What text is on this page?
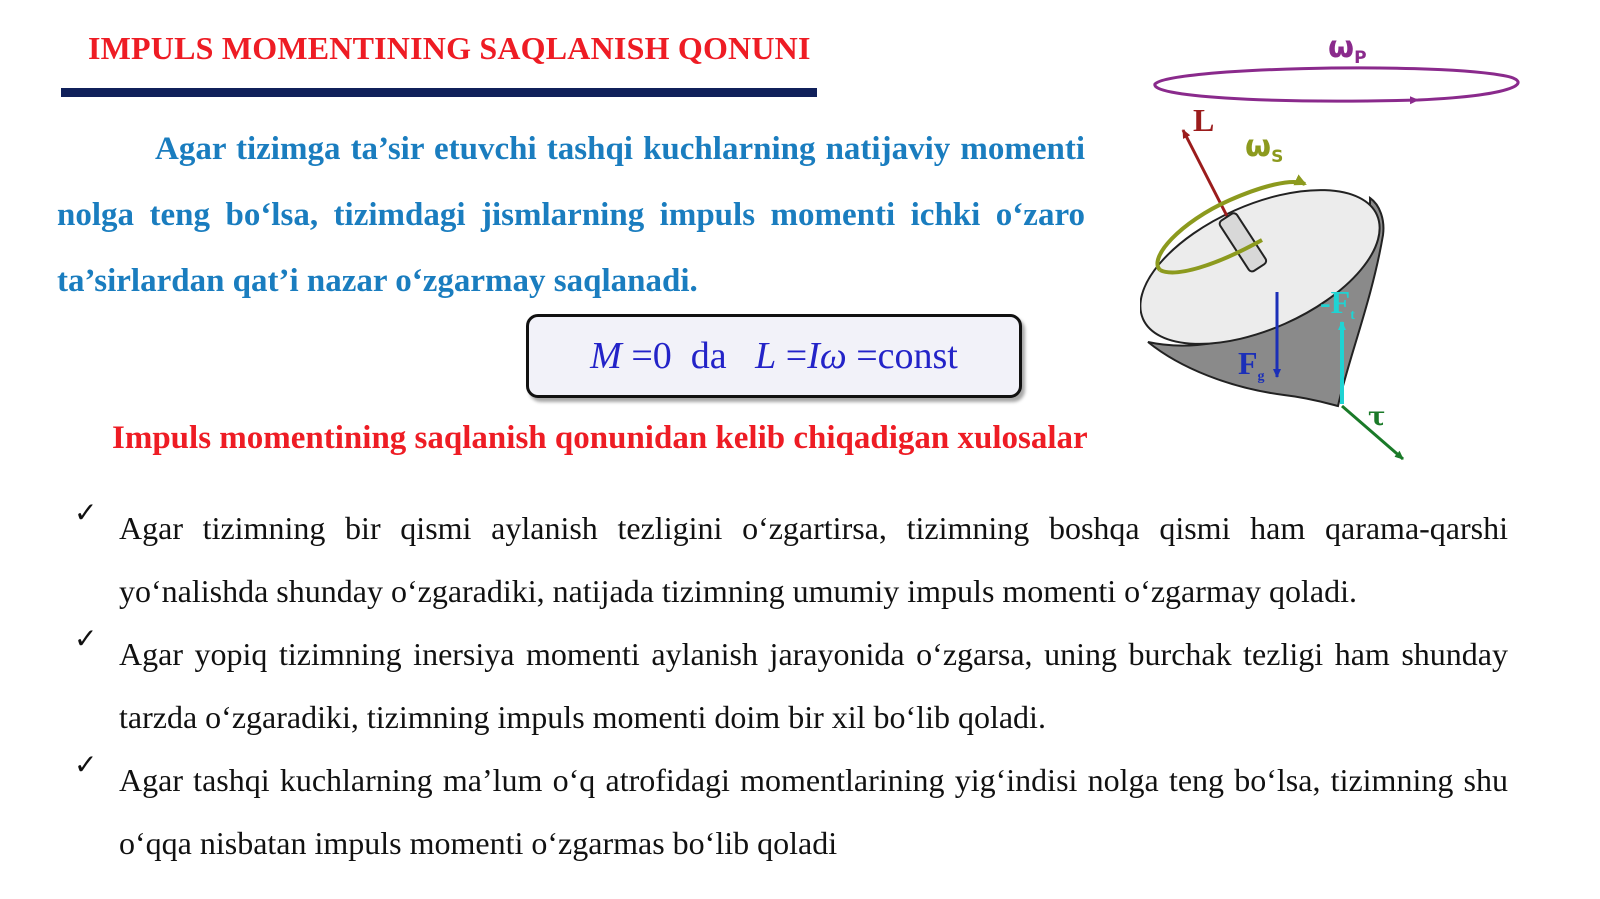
IMPULS MOMENTINING SAQLANISH QONUNI

Agar tizimga ta’sir etuvchi tashqi kuchlarning natijaviy momenti nolga teng bo‘lsa, tizimdagi jismlarning impuls momenti ichki o‘zaro ta’sirlardan qat’i nazar o‘zgarmay saqlanadi.

M =0  da L = I ω =const
Impuls momentining saqlanish qonunidan kelib chiqadigan xulosalar
✓ Agar tizimning bir qismi aylanish tezligini o‘zgartirsa, tizimning boshqa qismi ham qarama-qarshi yo‘nalishda shunday o‘zgaradiki, natijada tizimning umumiy impuls momenti o‘zgarmay qoladi.
✓ Agar yopiq tizimning inersiya momenti aylanish jarayonida o‘zgarsa, uning burchak tezligi ham shunday tarzda o‘zgaradiki, tizimning impuls momenti doim bir xil bo‘lib qoladi.
✓ Agar tashqi kuchlarning ma’lum o‘q atrofidagi momentlarining yig‘indisi nolga teng bo‘lsa, tizimning shu o‘qqa nisbatan impuls momenti o‘zgarmas bo‘lib qoladi
$\omega_P$
$\omega_S$
L
-Ft
Fg
τ
